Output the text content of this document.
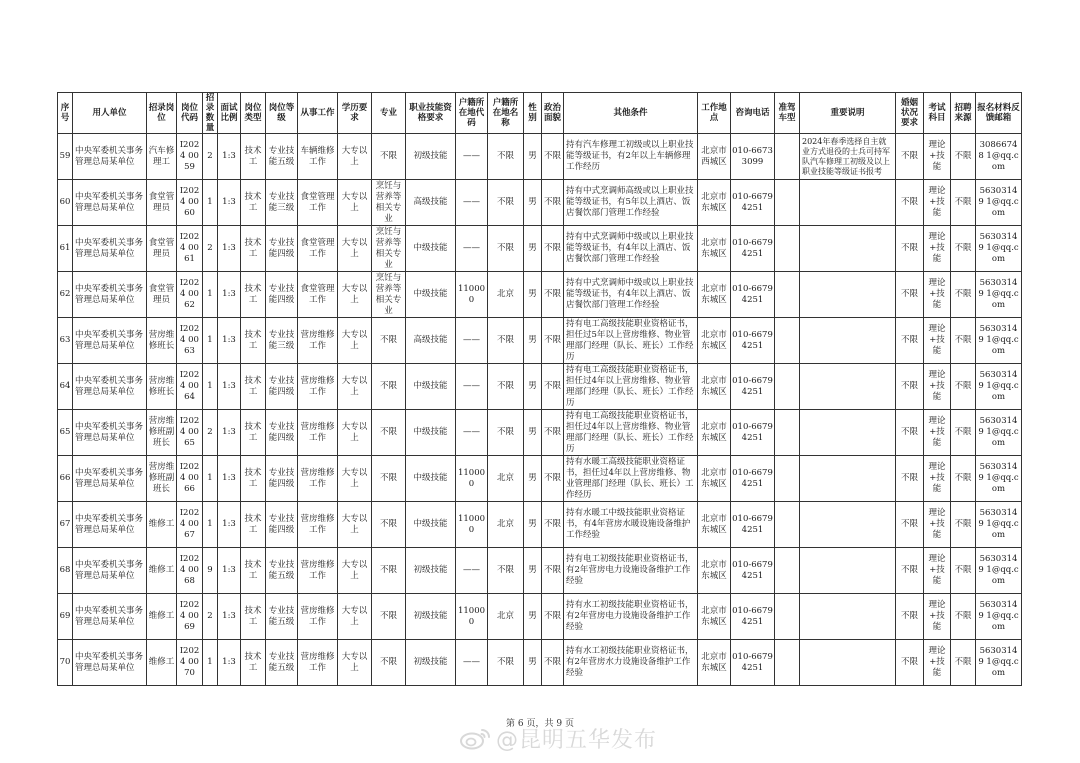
序号	用人单位	招录岗位	岗位代码	招录数量	面试比例	岗位类型	岗位等级	从事工作	学历要求	专业	职业技能资格要求	户籍所在地代码	户籍所在地名称	性别	政治面貌	其他条件	工作地点	咨询电话	准驾车型	重要说明	婚姻状况要求	考试科目	招聘来源	报名材料反馈邮箱
59	中央军委机关事务管理总局某单位	汽车修理工	I2024 0059	2	1:3	技术工	专业技能五级	车辆维修工作	大专以上	不限	初级技能	——	不限	男	不限	持有汽车修理工初级或以上职业技能等级证书，有2年以上车辆修理工作经历	北京市西城区	010-66733099		2024年春季选择自主就业方式退役的士兵可持军队汽车修理工初级及以上职业技能等级证书报考	不限	理论+技能	不限	30866748 1@qq.com
60	中央军委机关事务管理总局某单位	食堂管理员	I2024 0060	1	1:3	技术工	专业技能三级	食堂管理工作	大专以上	烹饪与营养等相关专业	高级技能	——	不限	男	不限	持有中式烹调师高级或以上职业技能等级证书，有5年以上酒店、饭店餐饮部门管理工作经验	北京市东城区	010-66794251			不限	理论+技能	不限	56303149 1@qq.com
61	中央军委机关事务管理总局某单位	食堂管理员	I2024 0061	2	1:3	技术工	专业技能四级	食堂管理工作	大专以上	烹饪与营养等相关专业	中级技能	——	不限	男	不限	持有中式烹调师中级或以上职业技能等级证书，有4年以上酒店、饭店餐饮部门管理工作经验	北京市东城区	010-66794251			不限	理论+技能	不限	56303149 1@qq.com
62	中央军委机关事务管理总局某单位	食堂管理员	I2024 0062	1	1:3	技术工	专业技能四级	食堂管理工作	大专以上	烹饪与营养等相关专业	中级技能	110000	北京	男	不限	持有中式烹调师中级或以上职业技能等级证书，有4年以上酒店、饭店餐饮部门管理工作经验	北京市东城区	010-66794251			不限	理论+技能	不限	56303149 1@qq.com
63	中央军委机关事务管理总局某单位	营房维修班长	I2024 0063	1	1:3	技术工	专业技能三级	营房维修工作	大专以上	不限	高级技能	——	不限	男	不限	持有电工高级技能职业资格证书，担任过5年以上营房维修、物业管理部门经理（队长、班长）工作经历	北京市东城区	010-66794251			不限	理论+技能	不限	56303149 1@qq.com
64	中央军委机关事务管理总局某单位	营房维修班长	I2024 0064	1	1:3	技术工	专业技能四级	营房维修工作	大专以上	不限	中级技能	——	不限	男	不限	持有电工高级技能职业资格证书，担任过4年以上营房维修、物业管理部门经理（队长、班长）工作经历	北京市东城区	010-66794251			不限	理论+技能	不限	56303149 1@qq.com
65	中央军委机关事务管理总局某单位	营房维修班副班长	I2024 0065	2	1:3	技术工	专业技能四级	营房维修工作	大专以上	不限	中级技能	——	不限	男	不限	持有电工高级技能职业资格证书，担任过4年以上营房维修、物业管理部门经理（队长、班长）工作经历	北京市东城区	010-66794251			不限	理论+技能	不限	56303149 1@qq.com
66	中央军委机关事务管理总局某单位	营房维修班副班长	I2024 0066	1	1:3	技术工	专业技能四级	营房维修工作	大专以上	不限	中级技能	110000	北京	男	不限	持有水暖工高级技能职业资格证书，担任过4年以上营房维修、物业管理部门经理（队长、班长）工作经历	北京市东城区	010-66794251			不限	理论+技能	不限	56303149 1@qq.com
67	中央军委机关事务管理总局某单位	维修工	I2024 0067	1	1:3	技术工	专业技能四级	营房维修工作	大专以上	不限	中级技能	110000	北京	男	不限	持有水暖工中级技能职业资格证书，有4年营房水暖设施设备维护工作经验	北京市东城区	010-66794251			不限	理论+技能	不限	56303149 1@qq.com
68	中央军委机关事务管理总局某单位	维修工	I2024 0068	9	1:3	技术工	专业技能五级	营房维修工作	大专以上	不限	初级技能	——	不限	男	不限	持有电工初级技能职业资格证书，有2年营房电力设施设备维护工作经验	北京市东城区	010-66794251			不限	理论+技能	不限	56303149 1@qq.com
69	中央军委机关事务管理总局某单位	维修工	I2024 0069	2	1:3	技术工	专业技能五级	营房维修工作	大专以上	不限	初级技能	110000	北京	男	不限	持有水工初级技能职业资格证书，有2年营房电力设施设备维护工作经验	北京市东城区	010-66794251			不限	理论+技能	不限	56303149 1@qq.com
70	中央军委机关事务管理总局某单位	维修工	I2024 0070	1	1:3	技术工	专业技能五级	营房维修工作	大专以上	不限	初级技能	——	不限	男	不限	持有水工初级技能职业资格证书，有2年营房水力设施设备维护工作经验	北京市东城区	010-66794251			不限	理论+技能	不限	56303149 1@qq.com
第 6 页，共 9 页
@昆明五华发布
